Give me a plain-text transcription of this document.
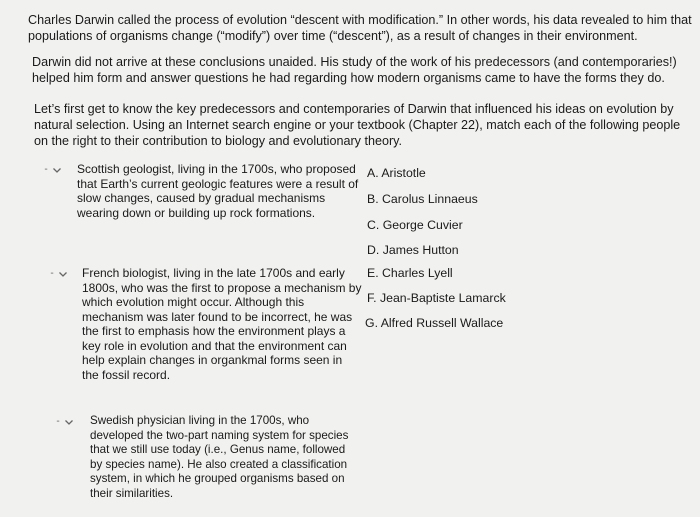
Charles Darwin called the process of evolution “descent with modification.” In other words, his data revealed to him that populations of organisms change (“modify”) over time (“descent”), as a result of changes in their environment.

Darwin did not arrive at these conclusions unaided. His study of the work of his predecessors (and contemporaries!) helped him form and answer questions he had regarding how modern organisms came to have the forms they do.

Let’s first get to know the key predecessors and contemporaries of Darwin that influenced his ideas on evolution by natural selection. Using an Internet search engine or your textbook (Chapter 22), match each of the following people on the right to their contribution to biology and evolutionary theory.

-	Scottish geologist, living in the 1700s, who proposed that Earth’s current geologic features were a result of slow changes, caused by gradual mechanisms wearing down or building up rock formations.
-	French biologist, living in the late 1700s and early 1800s, who was the first to propose a mechanism by which evolution might occur. Although this mechanism was later found to be incorrect, he was the first to emphasis how the environment plays a key role in evolution and that the environment can help explain changes in organkmal forms seen in the fossil record.
-	Swedish physician living in the 1700s, who developed the two-part naming system for species that we still use today (i.e., Genus name, followed by species name). He also created a classification system, in which he grouped organisms based on their similarities.
A. Aristotle
B. Carolus Linnaeus
C. George Cuvier
D. James Hutton
E. Charles Lyell
F. Jean-Baptiste Lamarck
G. Alfred Russell Wallace
